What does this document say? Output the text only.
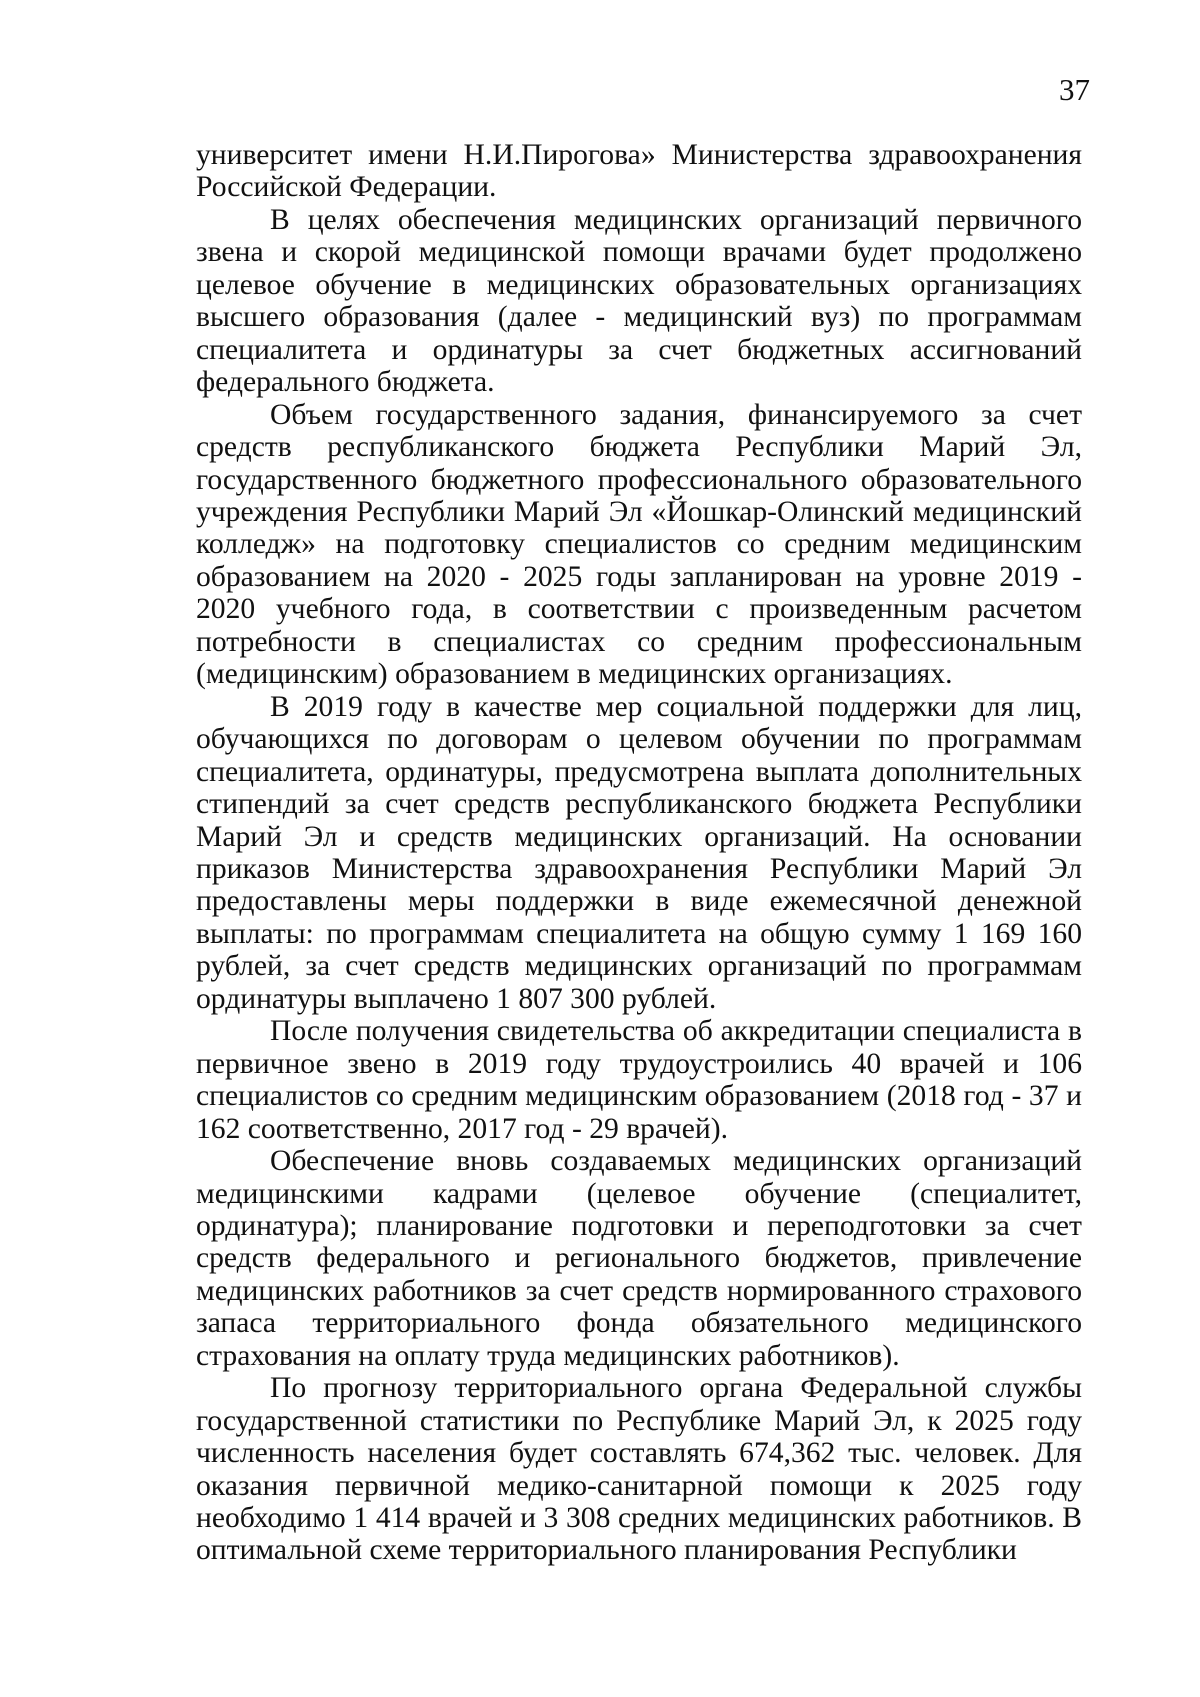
37

университет имени Н.И.Пирогова» Министерства здравоохранения Российской Федерации.

В целях обеспечения медицинских организаций первичного звена и скорой медицинской помощи врачами будет продолжено целевое обучение в медицинских образовательных организациях высшего образования (далее - медицинский вуз) по программам специалитета и ординатуры за счет бюджетных ассигнований федерального бюджета.

Объем государственного задания, финансируемого за счет средств республиканского бюджета Республики Марий Эл, государственного бюджетного профессионального образовательного учреждения Республики Марий Эл «Йошкар-Олинский медицинский колледж» на подготовку специалистов со средним медицинским образованием на 2020 - 2025 годы запланирован на уровне 2019 - 2020 учебного года, в соответствии с произведенным расчетом потребности в специалистах со средним профессиональным (медицинским) образованием в медицинских организациях.

В 2019 году в качестве мер социальной поддержки для лиц, обучающихся по договорам о целевом обучении по программам специалитета, ординатуры, предусмотрена выплата дополнительных стипендий за счет средств республиканского бюджета Республики Марий Эл и средств медицинских организаций. На основании приказов Министерства здравоохранения Республики Марий Эл предоставлены меры поддержки в виде ежемесячной денежной выплаты: по программам специалитета на общую сумму 1 169 160 рублей, за счет средств медицинских организаций по программам ординатуры выплачено 1 807 300 рублей.

После получения свидетельства об аккредитации специалиста в первичное звено в 2019 году трудоустроились 40 врачей и 106 специалистов со средним медицинским образованием (2018 год - 37 и 162 соответственно, 2017 год - 29 врачей).

Обеспечение вновь создаваемых медицинских организаций медицинскими кадрами (целевое обучение (специалитет, ординатура); планирование подготовки и переподготовки за счет средств федерального и регионального бюджетов, привлечение медицинских работников за счет средств нормированного страхового запаса территориального фонда обязательного медицинского страхования на оплату труда медицинских работников).

По прогнозу территориального органа Федеральной службы государственной статистики по Республике Марий Эл, к 2025 году численность населения будет составлять 674,362 тыс. человек. Для оказания первичной медико-санитарной помощи к 2025 году необходимо 1 414 врачей и 3 308 средних медицинских работников. В оптимальной схеме территориального планирования Республики
